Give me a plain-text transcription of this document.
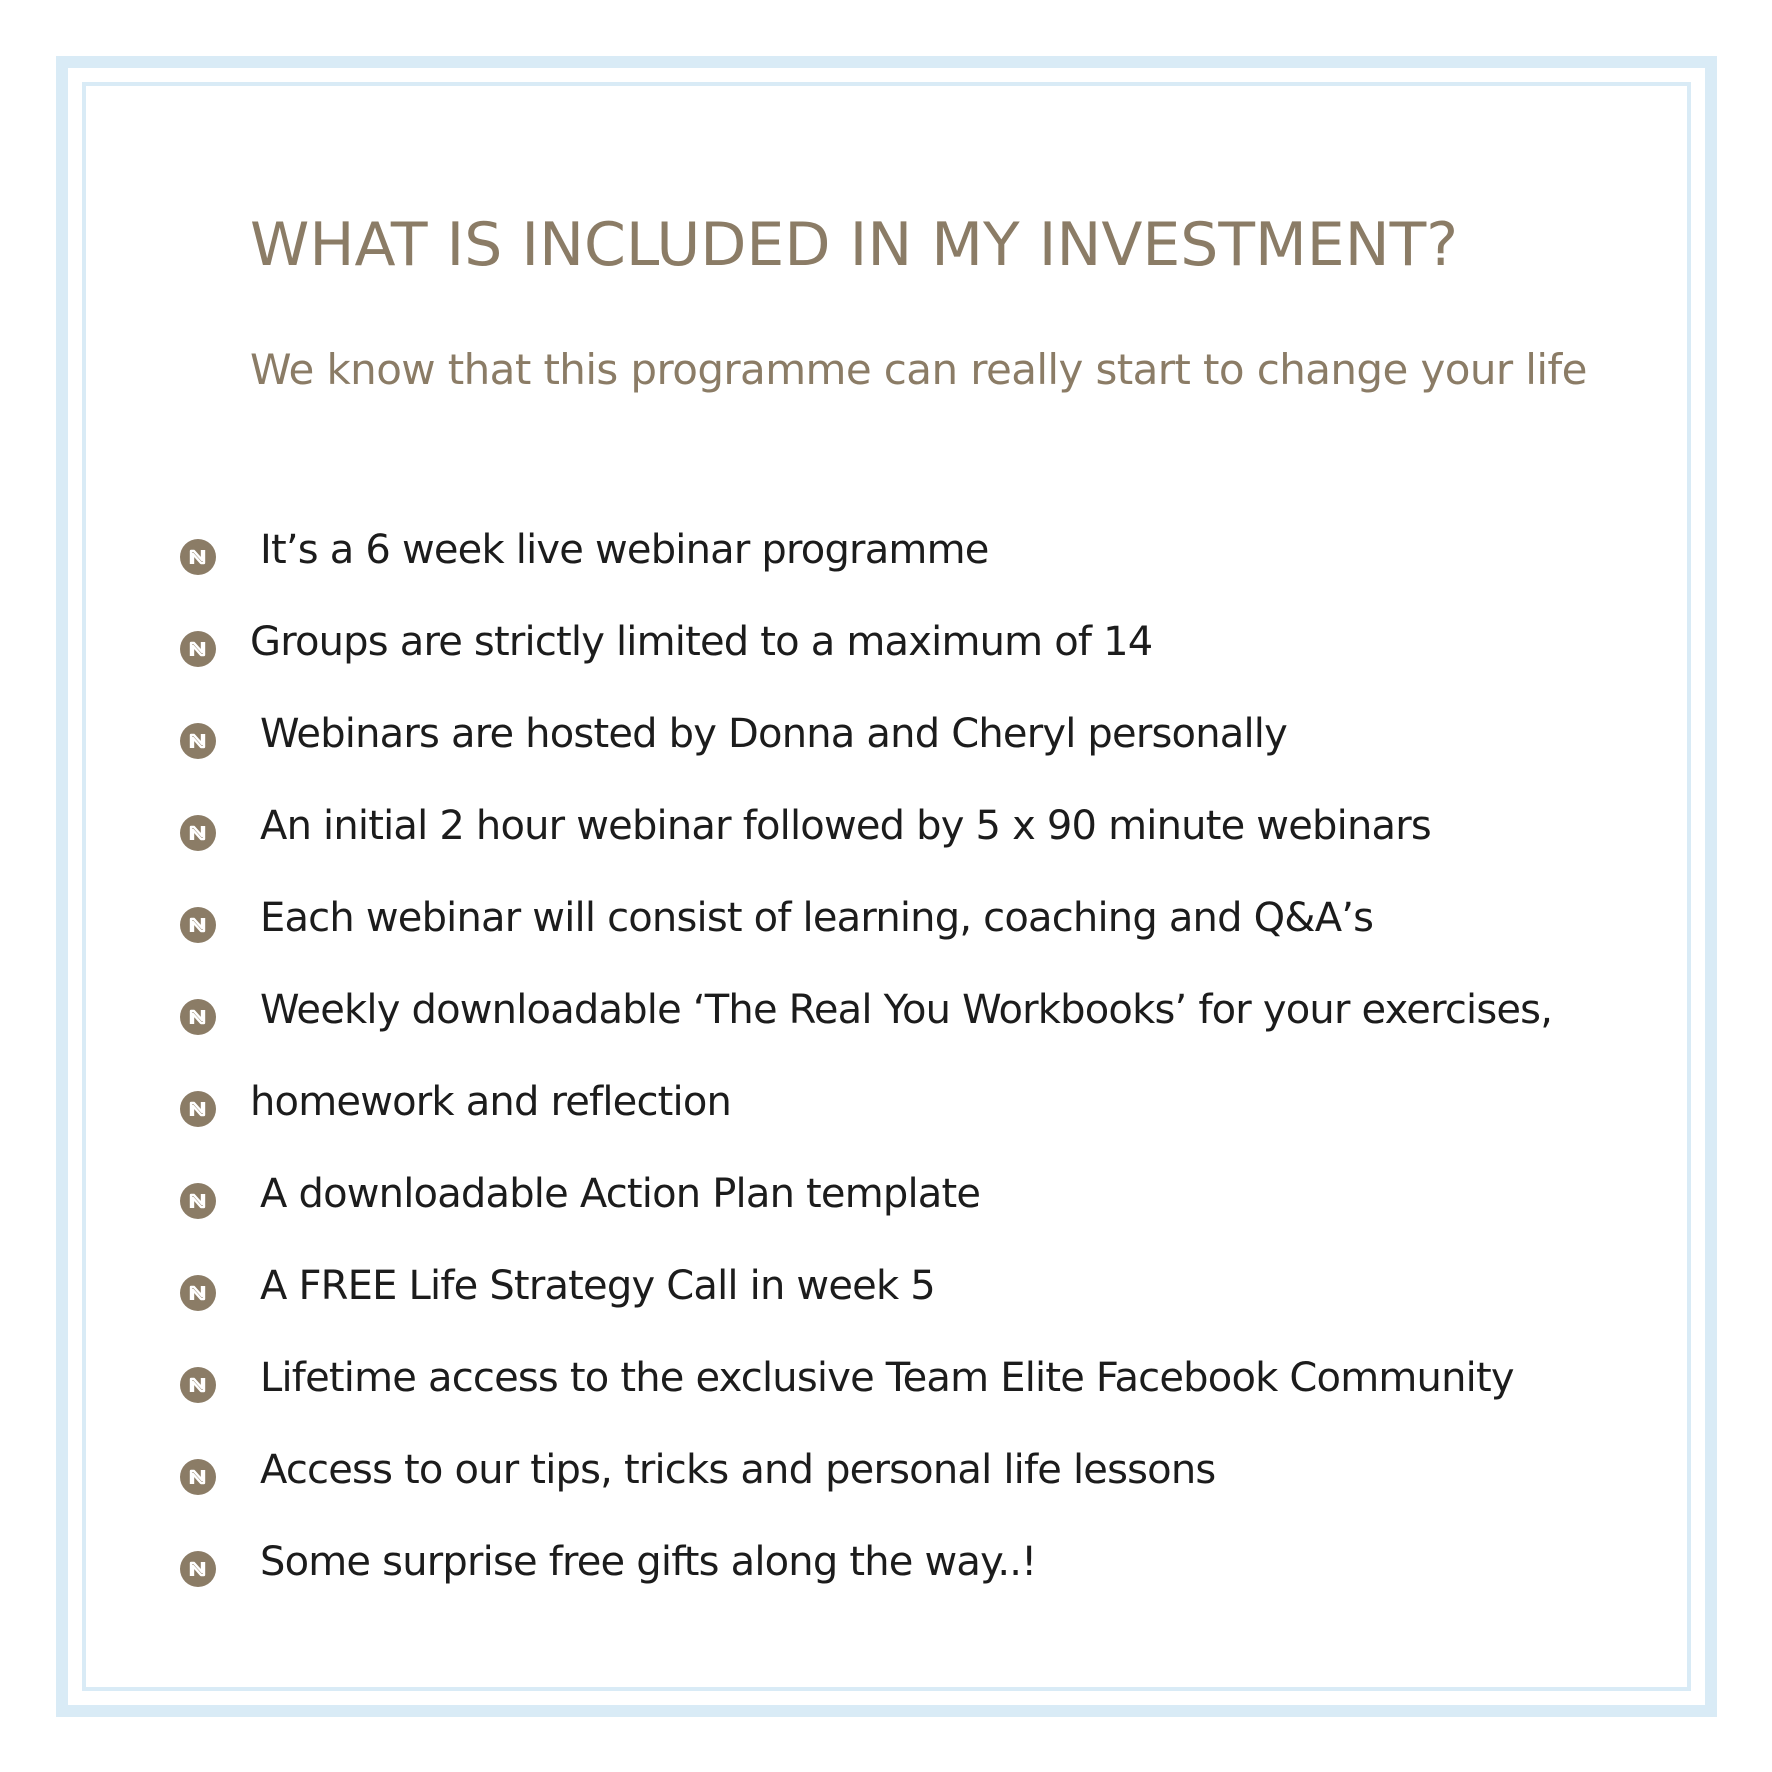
WHAT IS INCLUDED IN MY INVESTMENT?

We know that this programme can really start to change your life

It’s a 6 week live webinar programme
Groups are strictly limited to a maximum of 14
Webinars are hosted by Donna and Cheryl personally
An initial 2 hour webinar followed by 5 x 90 minute webinars
Each webinar will consist of learning, coaching and Q&A’s
Weekly downloadable ‘The Real You Workbooks’ for your exercises,
homework and reflection
A downloadable Action Plan template
A FREE Life Strategy Call in week 5
Lifetime access to the exclusive Team Elite Facebook Community
Access to our tips, tricks and personal life lessons
Some surprise free gifts along the way..!
